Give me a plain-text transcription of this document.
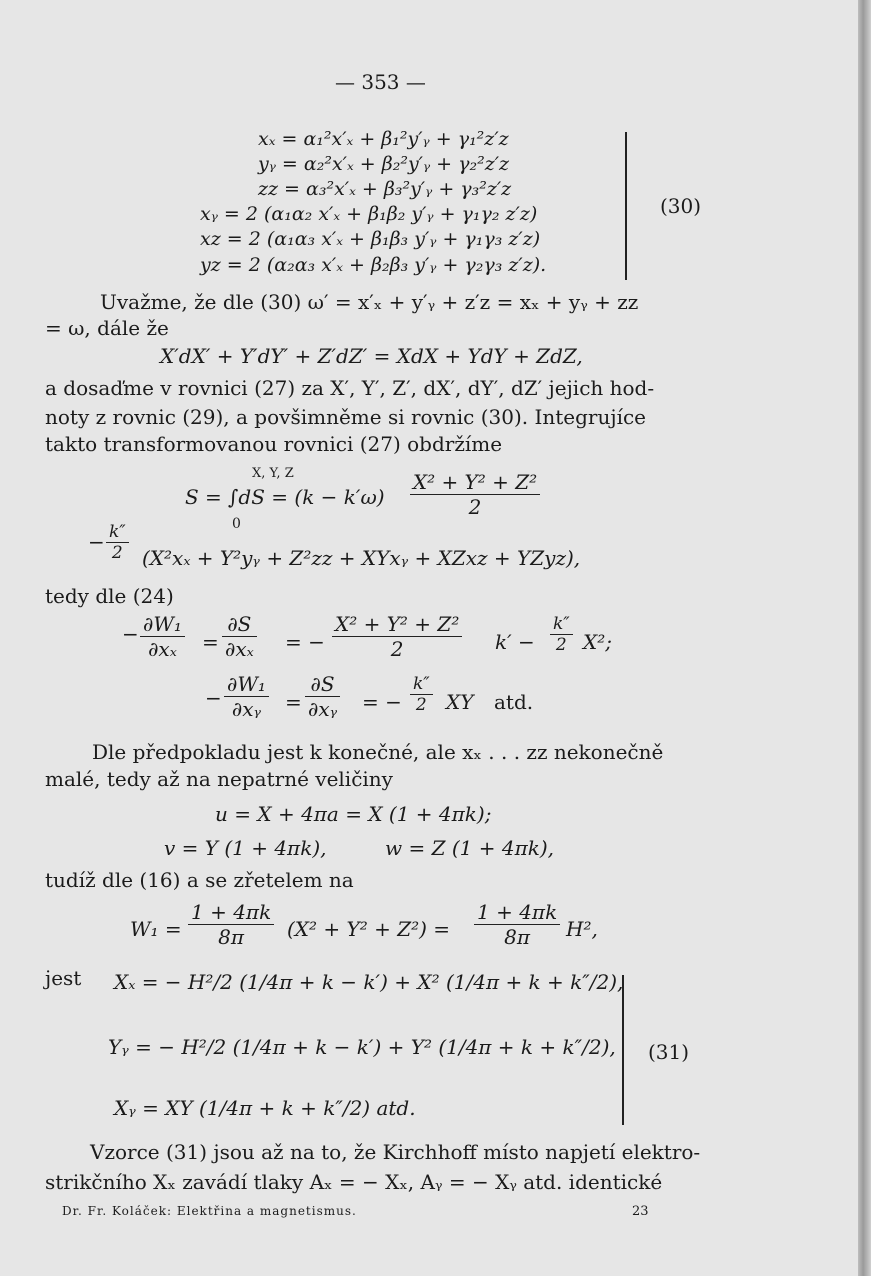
— 353 —
xₓ = α₁²x′ₓ + β₁²y′ᵧ + γ₁²z′z
yᵧ = α₂²x′ₓ + β₂²y′ᵧ + γ₂²z′z
zz = α₃²x′ₓ + β₃²y′ᵧ + γ₃²z′z
xᵧ = 2 (α₁α₂ x′ₓ + β₁β₂ y′ᵧ + γ₁γ₂ z′z)
xz = 2 (α₁α₃ x′ₓ + β₁β₃ y′ᵧ + γ₁γ₃ z′z)
yz = 2 (α₂α₃ x′ₓ + β₂β₃ y′ᵧ + γ₂γ₃ z′z).
(30)
Uvažme, že dle (30) ω′ = x′ₓ + y′ᵧ + z′z = xₓ + yᵧ + zz
= ω, dále že
X′dX′ + Y′dY′ + Z′dZ′ = XdX + YdY + ZdZ,
a dosaďme v rovnici (27) za X′, Y′, Z′, dX′, dY′, dZ′ jejich hod-
noty z rovnic (29), a povšimněme si rovnic (30). Integrujíce
takto transformovanou rovnici (27) obdržíme
X, Y, Z
0
$S = \int dS = (k - k'\omega) \frac{\text{X² + Y² + Z²}}{2}$
− $\frac{k''}{2} (X^2x_x$ + Y²yᵧ + Z²zz + XYxᵧ + XZxz + YZyz),
tedy dle (24)
− $\frac{\text{∂W₁}}{\text{∂xₓ}} = \frac{\partial S}{\text{∂xₓ}}$ = − $\frac{\text{X² + Y² + Z²}}{2} k' - \frac{k''}{2} X^2$;
− $\frac{\text{∂W₁}}{\text{∂xᵧ}} = \frac{\partial S}{\text{∂xᵧ}}$ = − $\frac{k''}{2}$ XY atd.
Dle předpokladu jest k konečné, ale xₓ . . . zz nekonečně
malé, tedy až na nepatrné veličiny
u = X + 4πa = X (1 + 4πk);
v = Y (1 + 4πk),	w = Z (1 + 4πk),
tudíž dle (16) a se zřetelem na
$W_1 = \frac{1 + 4\pi k}{8\pi} (X^2 + Y^2 + Z^2) = \frac{1 + 4\pi k}{8\pi} H^2$,
jest Xₓ = − H²/2 (1/4π + k − k′) + X² (1/4π + k + k″/2),
Yᵧ = − H²/2 (1/4π + k − k′) + Y² (1/4π + k + k″/2),
Xᵧ = XY (1/4π + k + k″/2) atd.
(31)
Vzorce (31) jsou až na to, že Kirchhoff místo napjetí elektro-
strikčního Xₓ zavádí tlaky Aₓ = − Xₓ, Aᵧ = − Xᵧ atd. identické
Dr. Fr. Koláček: Elektřina a magnetismus.	23
